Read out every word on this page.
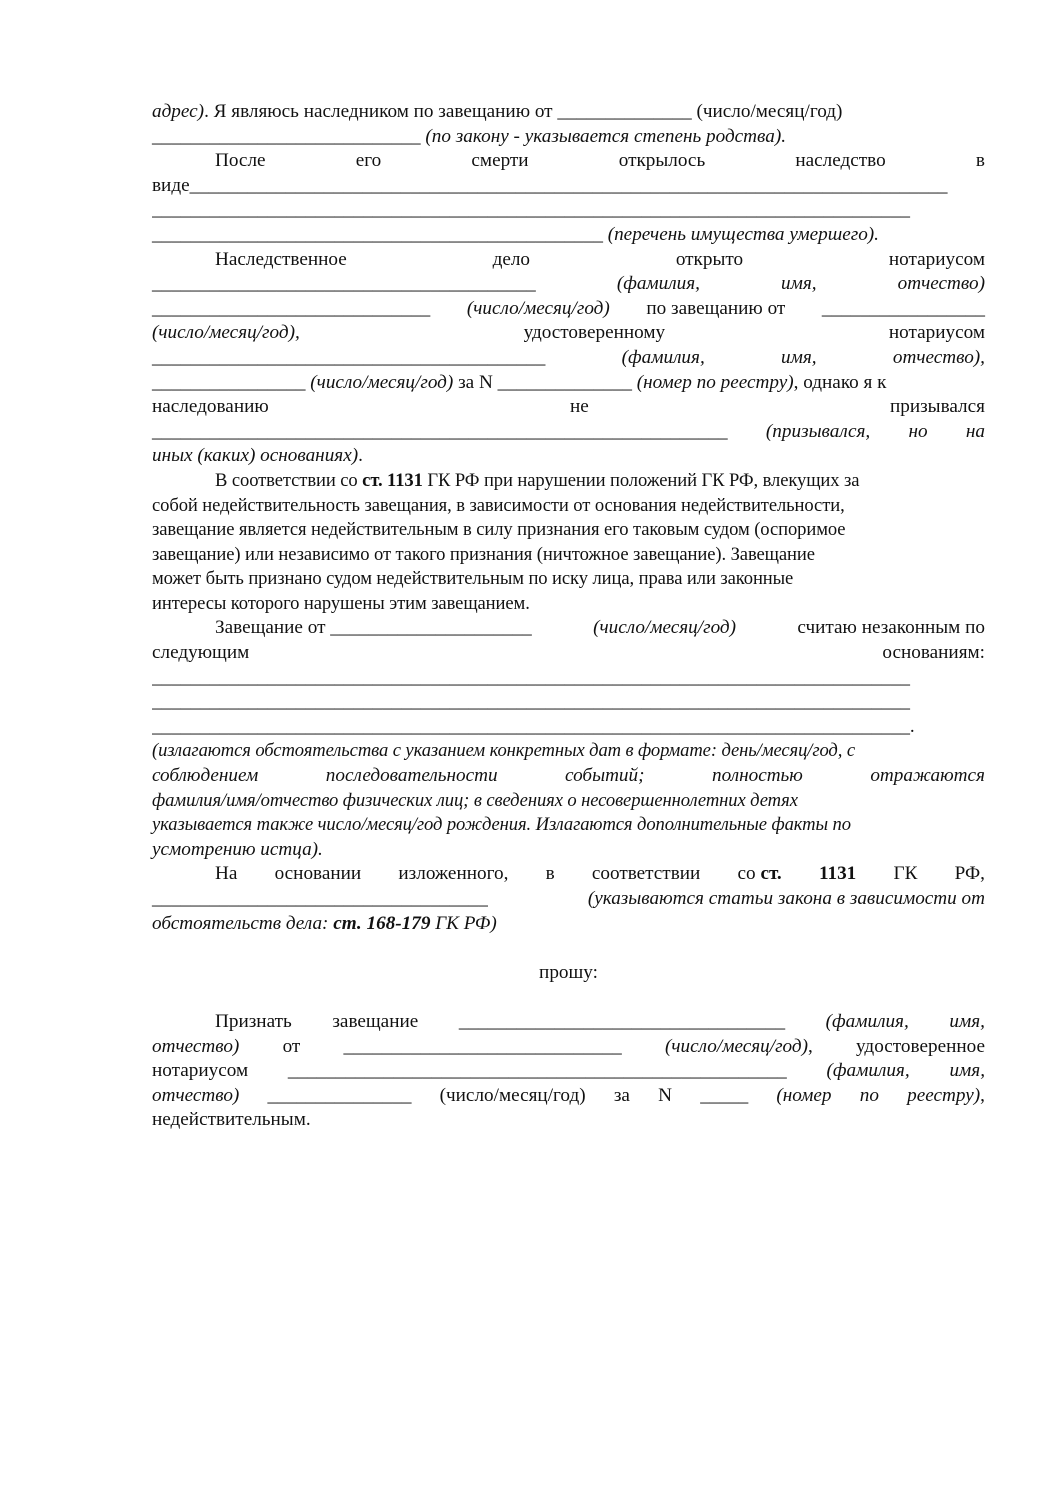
адрес). Я являюсь наследником по завещанию от ______________ (число/месяц/год)
____________________________ (по закону - указывается степень родства).
После	его	смерти	открылось	наследство	в
виде_______________________________________________________________________________
_______________________________________________________________________________
_______________________________________________ (перечень имущества умершего).
Наследственное	дело	открыто	нотариусом
________________________________________	(фамилия,	имя,	отчество)
_____________________________ (число/месяц/год) по завещанию от _________________
(число/месяц/год),	удостоверенному	нотариусом
_________________________________________	(фамилия,	имя,	отчество),
________________ (число/месяц/год) за N ______________ (номер по реестру), однако я к
наследованию	не	призывался
____________________________________________________________ (призывался, но на
иных (каких) основаниях).
В соответствии со ст. 1131 ГК РФ при нарушении положений ГК РФ, влекущих за
собой недействительность завещания, в зависимости от основания недействительности,
завещание является недействительным в силу признания его таковым судом (оспоримое
завещание) или независимо от такого признания (ничтожное завещание). Завещание
может быть признано судом недействительным по иску лица, права или законные
интересы которого нарушены этим завещанием.
Завещание от _____________________	(число/месяц/год)	считаю незаконным по
следующим	основаниям:
_______________________________________________________________________________
_______________________________________________________________________________
_______________________________________________________________________________.
(излагаются обстоятельства с указанием конкретных дат в формате: день/месяц/год, с
соблюдением	последовательности	событий;	полностью	отражаются
фамилия/имя/отчество физических лиц; в сведениях о несовершеннолетних детях
указывается также число/месяц/год рождения. Излагаются дополнительные факты по
усмотрению истца).
На основании изложенного, в соответствии со ст. 1131 ГК РФ,
___________________________________	(указываются статьи закона в зависимости от
обстоятельств дела: ст. 168-179 ГК РФ)
прошу:
Признать завещание __________________________________ (фамилия, имя,
отчество) от _____________________________ (число/месяц/год), удостоверенное
нотариусом ____________________________________________________ (фамилия, имя,
отчество) _______________ (число/месяц/год) за N _____ (номер по реестру),
недействительным.
